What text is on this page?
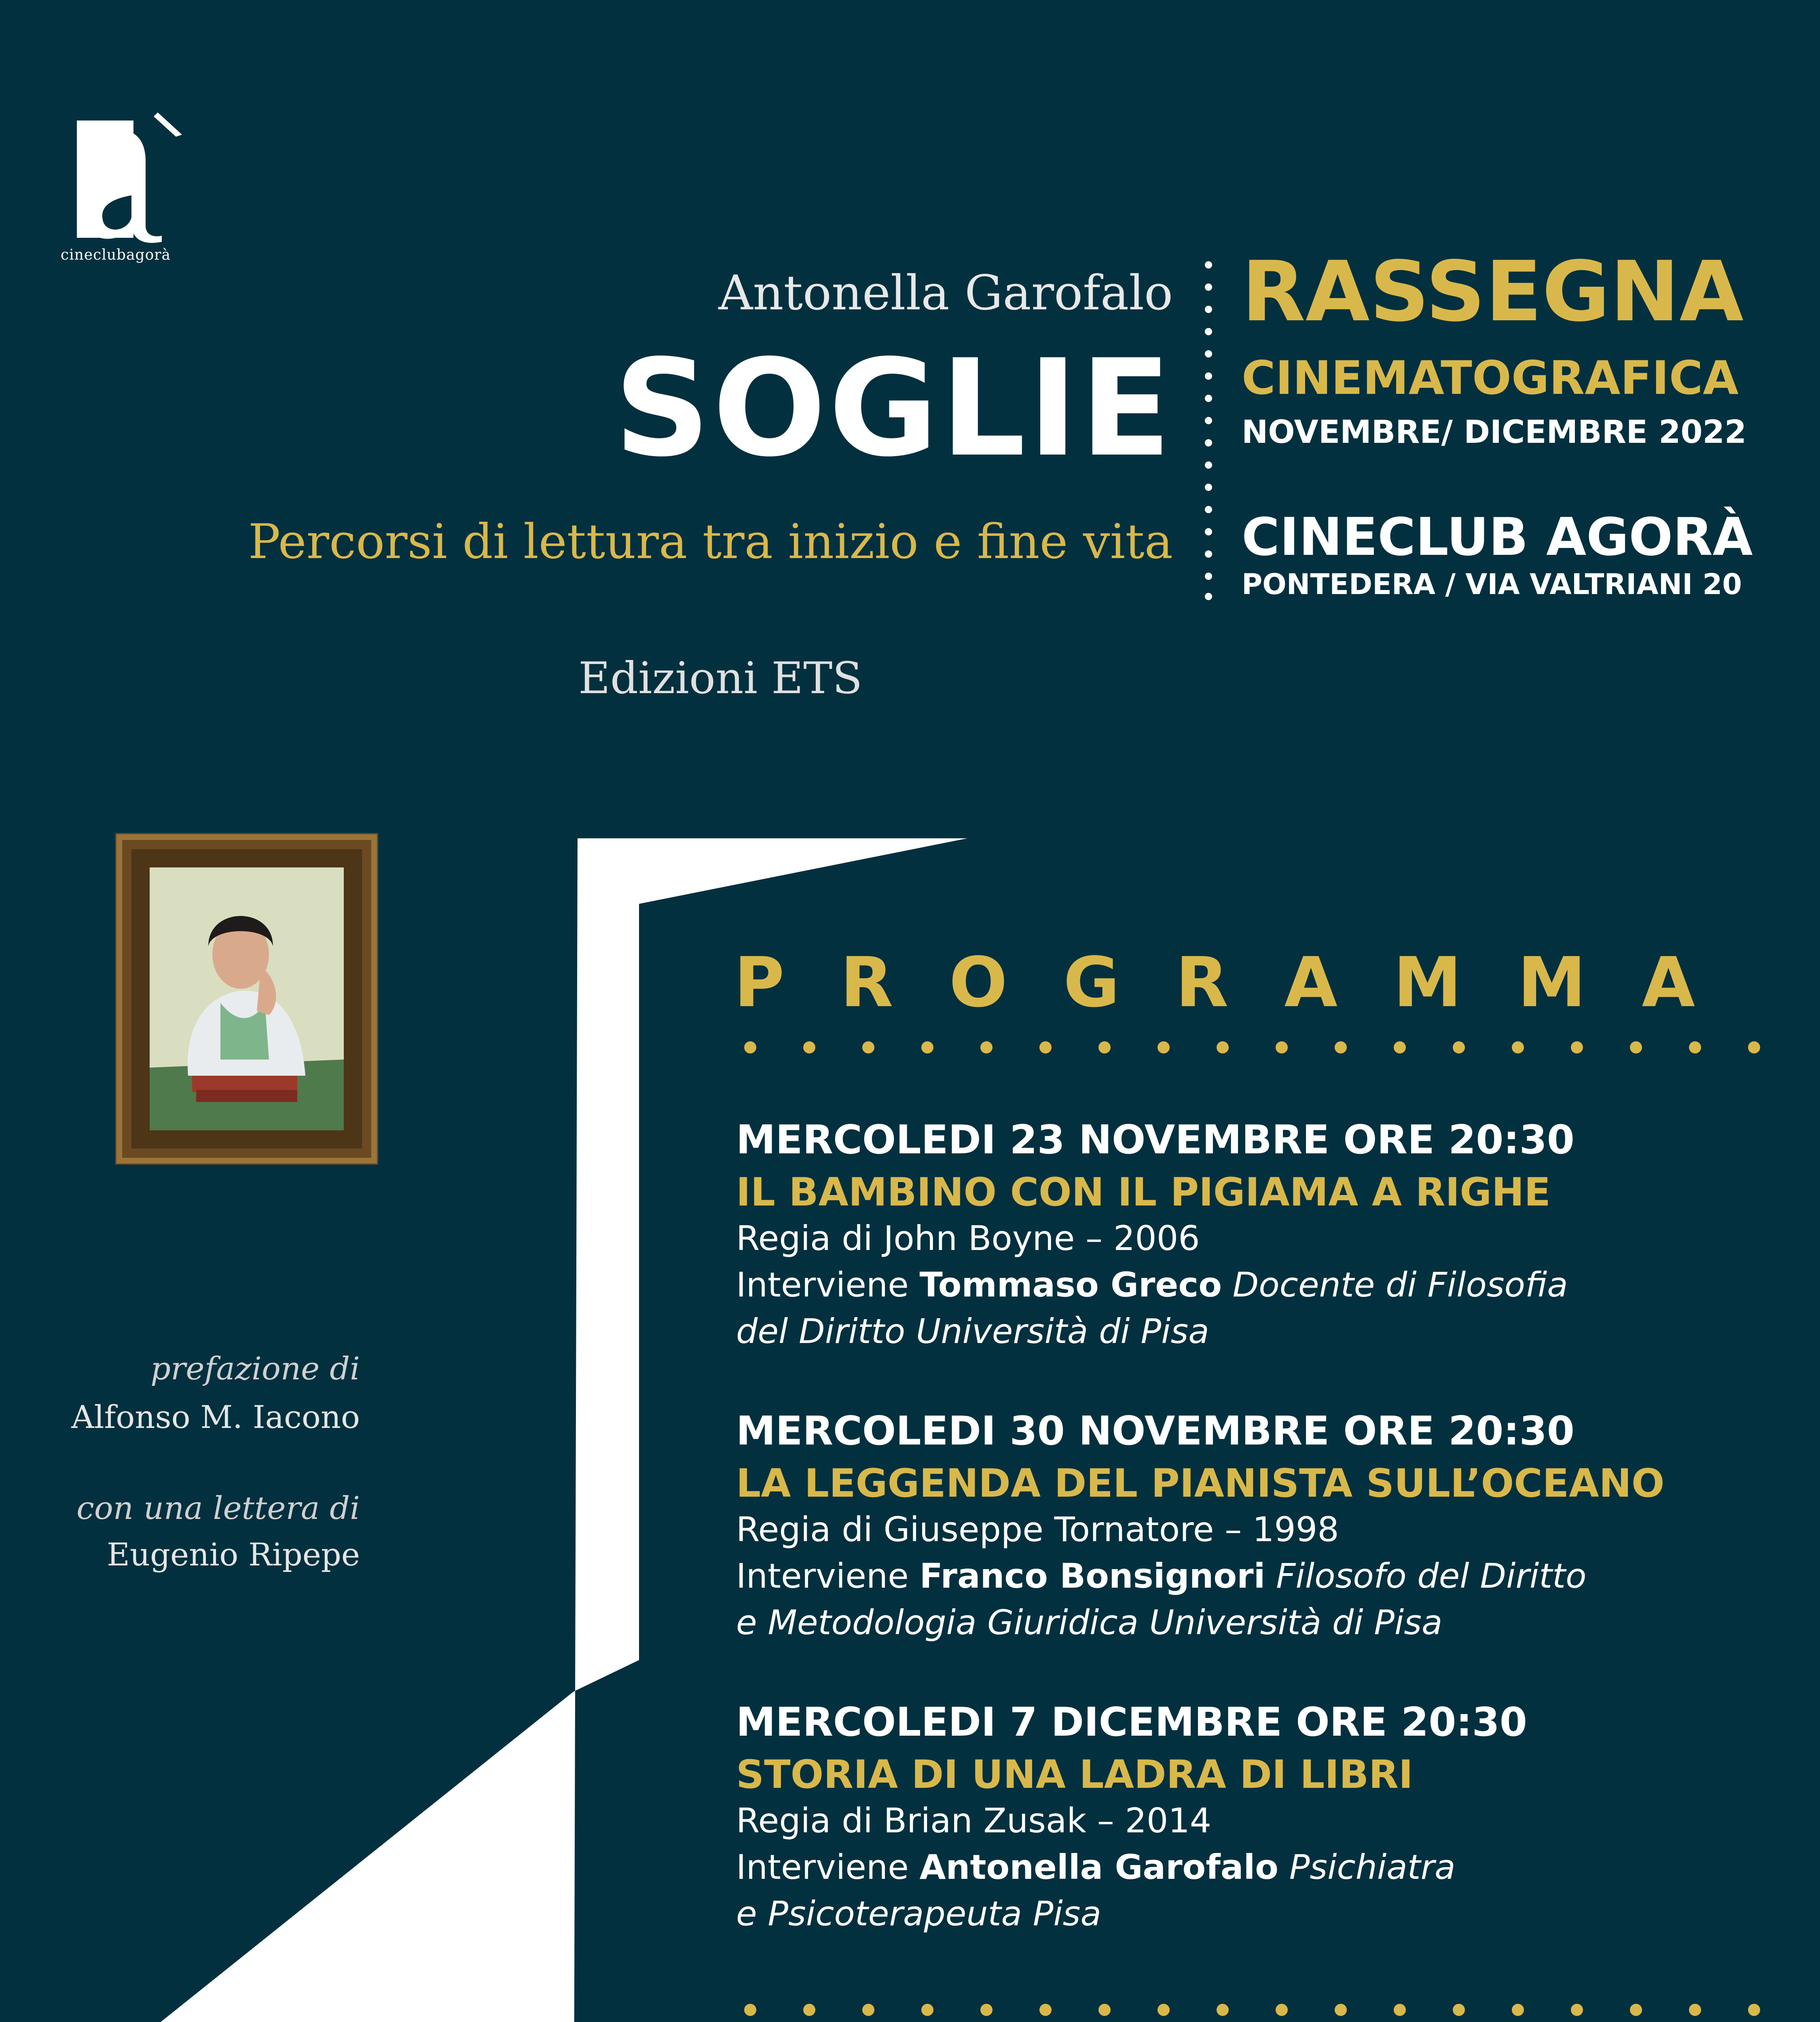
cineclubagorà
Antonella Garofalo
SOGLIE
Percorsi di lettura tra inizio e fine vita
Edizioni ETS
RASSEGNA
CINEMATOGRAFICA
NOVEMBRE/ DICEMBRE 2022
CINECLUB AGORÀ
PONTEDERA / VIA VALTRIANI 20
prefazione di
Alfonso M. Iacono
con una lettera di
Eugenio Ripepe
PROGRAMMA
MERCOLEDI 23 NOVEMBRE ORE 20:30
IL BAMBINO CON IL PIGIAMA A RIGHE
Regia di John Boyne – 2006
Interviene Tommaso Greco Docente di Filosofia
del Diritto Università di Pisa
MERCOLEDI 30 NOVEMBRE ORE 20:30
LA LEGGENDA DEL PIANISTA SULL’OCEANO
Regia di Giuseppe Tornatore – 1998
Interviene Franco Bonsignori Filosofo del Diritto
e Metodologia Giuridica Università di Pisa
MERCOLEDI 7 DICEMBRE ORE 20:30
STORIA DI UNA LADRA DI LIBRI
Regia di Brian Zusak – 2014
Interviene Antonella Garofalo Psichiatra
e Psicoterapeuta Pisa
